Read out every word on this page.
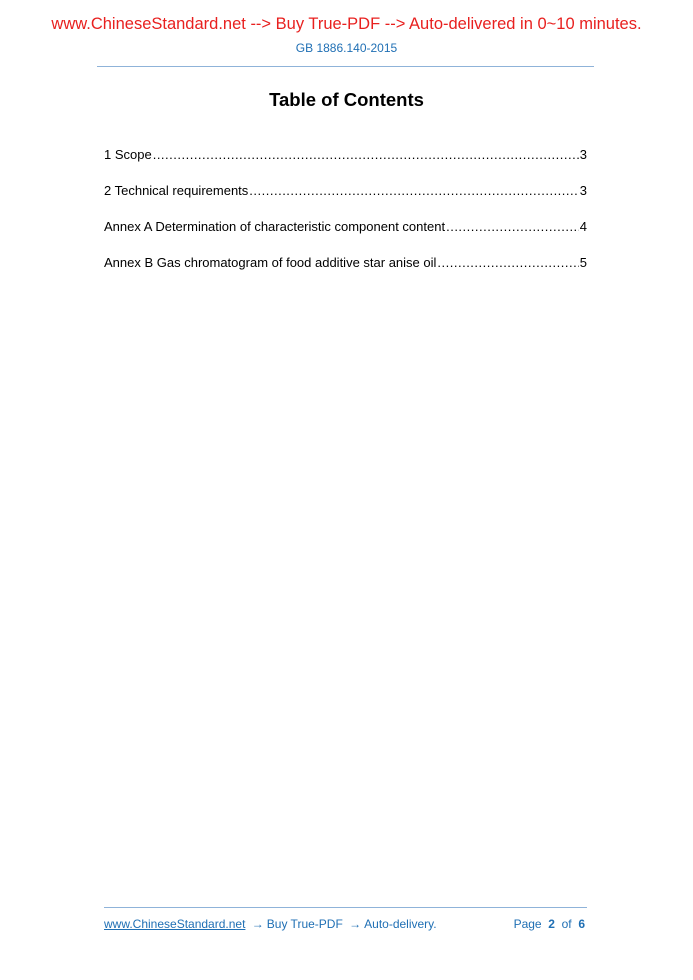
www.ChineseStandard.net --> Buy True-PDF --> Auto-delivered in 0~10 minutes.
GB 1886.140-2015
Table of Contents
1 Scope .....	3
2 Technical requirements .....	3
Annex A Determination of characteristic component content .....	4
Annex B Gas chromatogram of food additive star anise oil .....	5
www.ChineseStandard.net → Buy True-PDF → Auto-delivery.	Page 2 of 6
